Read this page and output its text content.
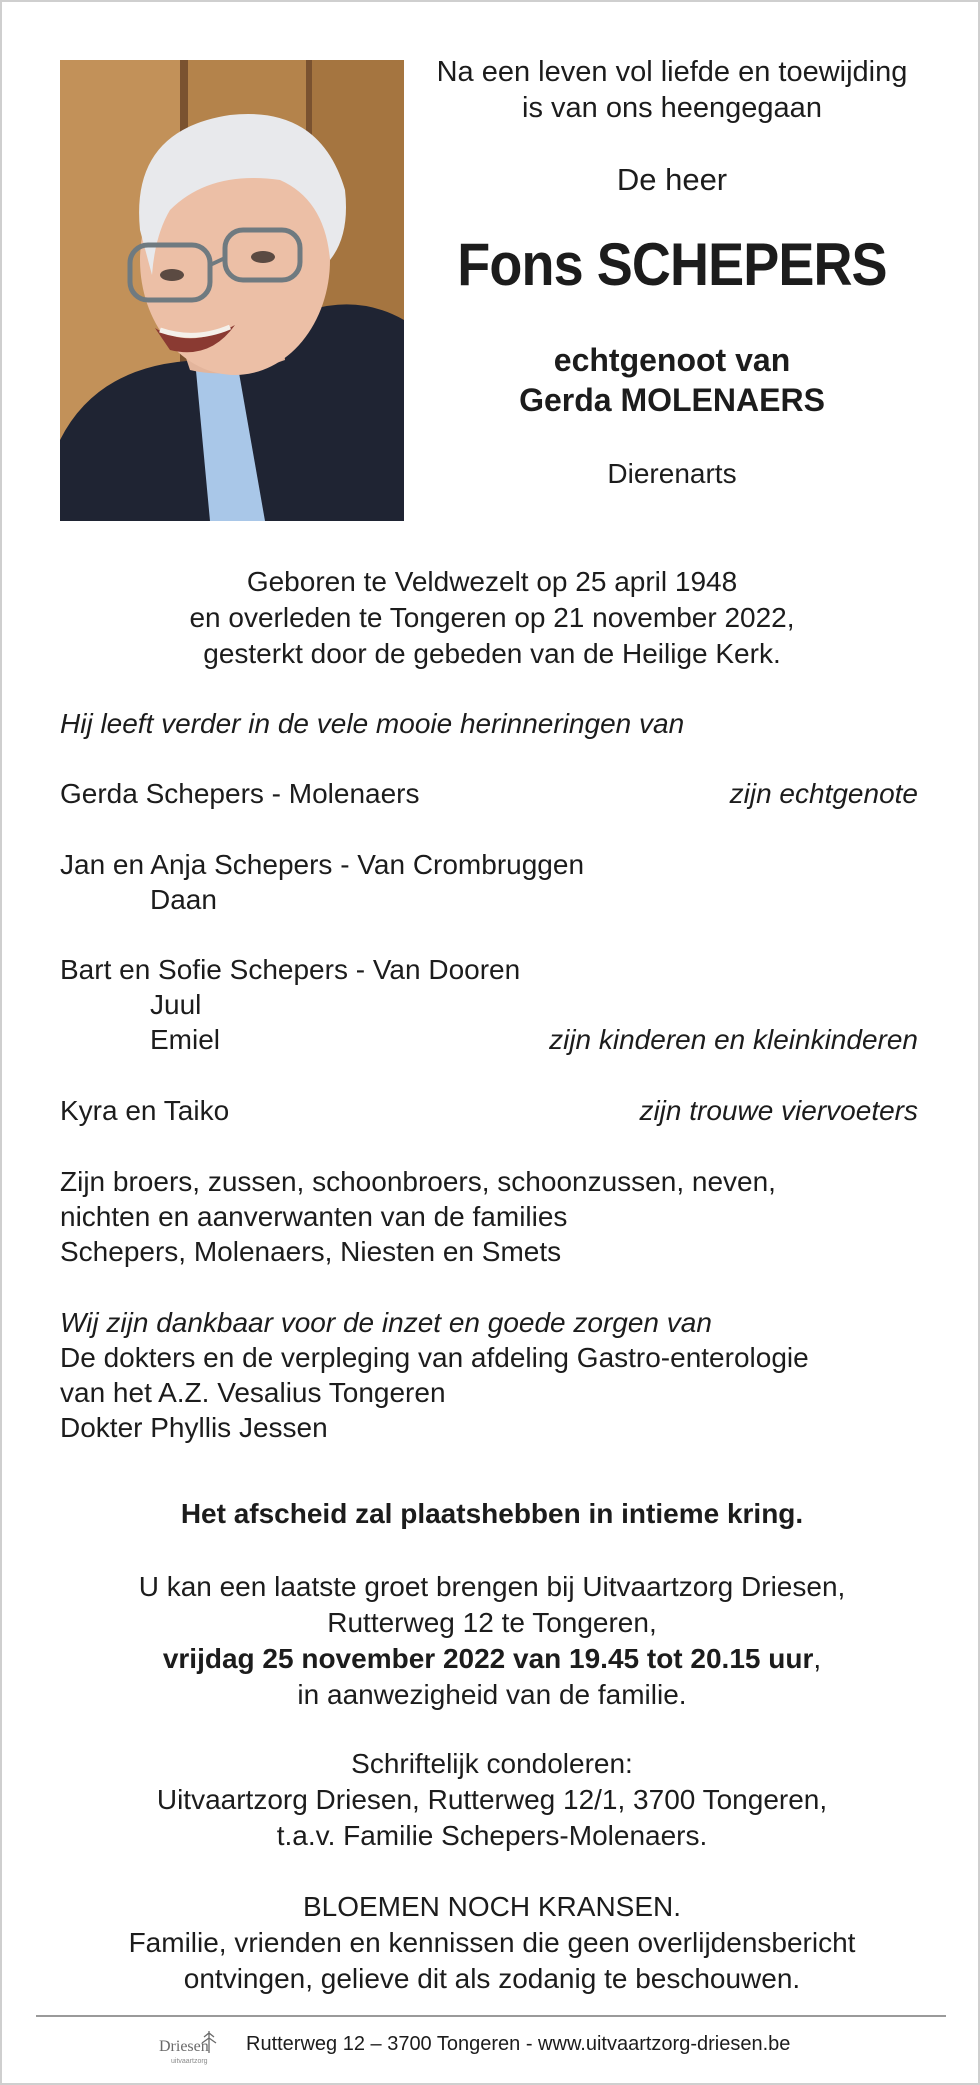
Na een leven vol liefde en toewijding
is van ons heengegaan
De heer
Fons SCHEPERS
echtgenoot van
Gerda MOLENAERS
Dierenarts
Geboren te Veldwezelt op 25 april 1948
en overleden te Tongeren op 21 november 2022,
gesterkt door de gebeden van de Heilige Kerk.
Hij leeft verder in de vele mooie herinneringen van
Gerda Schepers - Molenaers	zijn echtgenote
Jan en Anja Schepers - Van Crombruggen
Daan
Bart en Sofie Schepers - Van Dooren
Juul
Emiel	zijn kinderen en kleinkinderen
Kyra en Taiko	zijn trouwe viervoeters
Zijn broers, zussen, schoonbroers, schoonzussen, neven,
nichten en aanverwanten van de families
Schepers, Molenaers, Niesten en Smets
Wij zijn dankbaar voor de inzet en goede zorgen van
De dokters en de verpleging van afdeling Gastro-enterologie
van het A.Z. Vesalius Tongeren
Dokter Phyllis Jessen
Het afscheid zal plaatshebben in intieme kring.
U kan een laatste groet brengen bij Uitvaartzorg Driesen,
Rutterweg 12 te Tongeren,
vrijdag 25 november 2022 van 19.45 tot 20.15 uur,
in aanwezigheid van de familie.
Schriftelijk condoleren:
Uitvaartzorg Driesen, Rutterweg 12/1, 3700 Tongeren,
t.a.v. Familie Schepers-Molenaers.
BLOEMEN NOCH KRANSEN.
Familie, vrienden en kennissen die geen overlijdensbericht
ontvingen, gelieve dit als zodanig te beschouwen.
Driesen
uitvaartzorg
Rutterweg 12 – 3700 Tongeren - www.uitvaartzorg-driesen.be
